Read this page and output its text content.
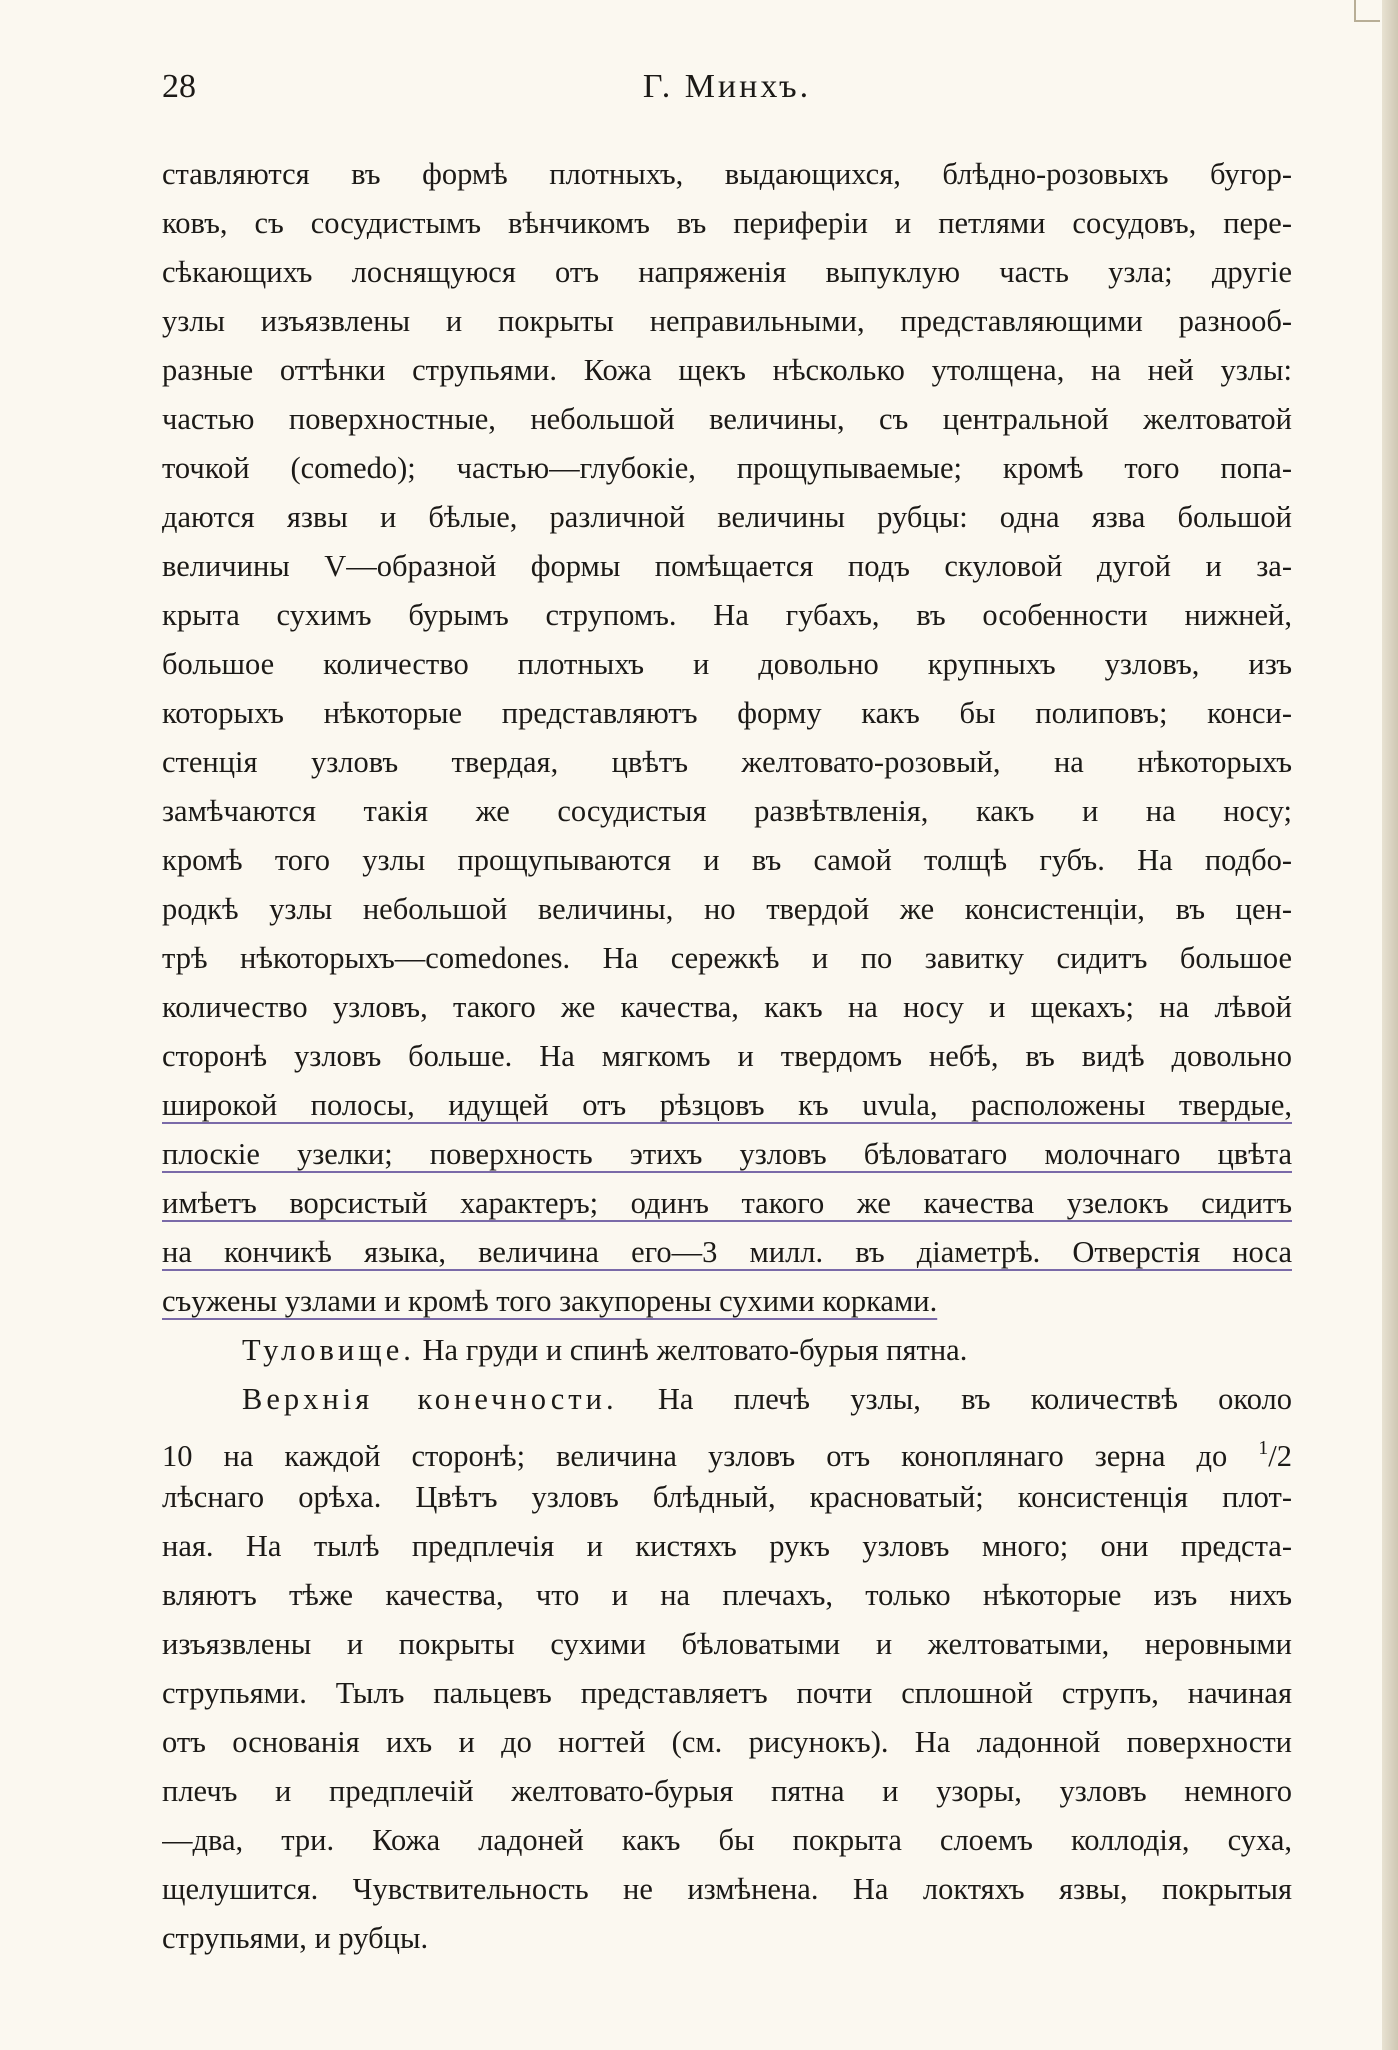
28	Г. Минхъ.
ставляются въ формѣ плотныхъ, выдающихся, блѣдно-розовыхъ бугор-
ковъ, съ сосудистымъ вѣнчикомъ въ перифepіи и петлями сосудовъ, пере-
сѣкающихъ лоснящуюся отъ напряженія выпуклую часть узла; другіе
узлы изъязвлены и покрыты неправильными, представляющими разнооб-
разные оттѣнки струпьями. Кожа щекъ нѣсколько утолщена, на ней узлы:
частью поверхностные, небольшой величины, съ центральной желтоватой
точкой (comedo); частью—глубокіе, прощупываемые; кромѣ того попа-
даются язвы и бѣлые, различной величины рубцы: одна язва большой
величины V—образной формы помѣщается подъ скуловой дугой и за-
крыта сухимъ бурымъ струпомъ. На губахъ, въ особенности нижней,
большое количество плотныхъ и довольно крупныхъ узловъ, изъ
которыхъ нѣкоторые представляютъ форму какъ бы полиповъ; конси-
стенція узловъ твердая, цвѣтъ желтовато-розовый, на нѣкоторыхъ
замѣчаются такія же сосудистыя развѣтвленія, какъ и на носу;
кромѣ того узлы прощупываются и въ самой толщѣ губъ. На подбо-
родкѣ узлы небольшой величины, но твердой же консистенціи, въ цен-
трѣ нѣкоторыхъ—comedones. На сережкѣ и по завитку сидитъ большое
количество узловъ, такого же качества, какъ на носу и щекахъ; на лѣвой
сторонѣ узловъ больше. На мягкомъ и твердомъ небѣ, въ видѣ довольно
широкой полосы, идущей отъ рѣзцовъ къ uvula, расположены твердые,
плоскіе узелки; поверхность этихъ узловъ бѣловатаго молочнаго цвѣта
имѣетъ ворсистый характеръ; одинъ такого же качества узелокъ сидитъ
на кончикѣ языка, величина его—3 милл. въ діаметрѣ. Отверстія носа
съужены узлами и кромѣ того закупорены сухими корками.
Туловище. На груди и спинѣ желтовато-бурыя пятна.
Верхнія конечности. На плечѣ узлы, въ количествѣ около
10 на каждой сторонѣ; величина узловъ отъ коноплянаго зерна до $^1$/2
лѣснаго орѣха. Цвѣтъ узловъ блѣдный, красноватый; консистенція плот-
ная. На тылѣ предплечія и кистяхъ рукъ узловъ много; они предста-
вляютъ тѣже качества, что и на плечахъ, только нѣкоторые изъ нихъ
изъязвлены и покрыты сухими бѣловатыми и желтоватыми, неровными
струпьями. Тылъ пальцевъ представляетъ почти сплошной струпъ, начиная
отъ основанія ихъ и до ногтей (см. рисунокъ). На ладонной поверхности
плечъ и предплечій желтовато-бурыя пятна и узоры, узловъ немного
—два, три. Кожа ладоней какъ бы покрыта слоемъ коллодія, суха,
щелушится. Чувствительность не измѣнена. На локтяхъ язвы, покрытыя
струпьями, и рубцы.
